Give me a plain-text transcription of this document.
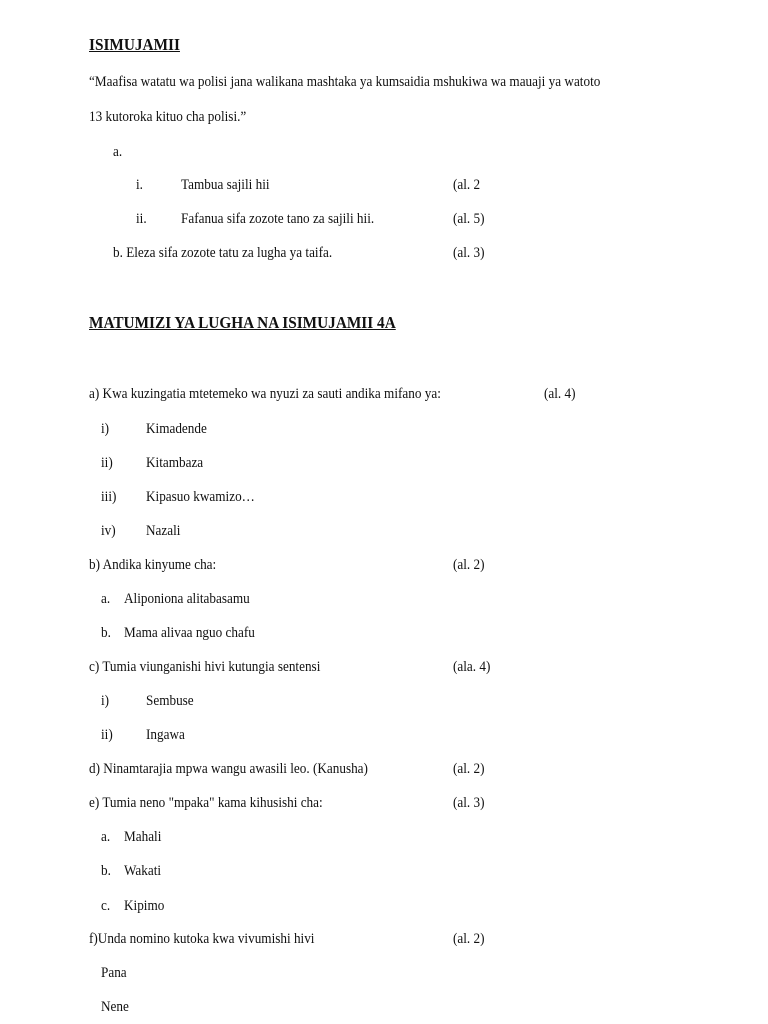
ISIMUJAMII
“Maafisa watatu wa polisi jana walikana mashtaka ya kumsaidia mshukiwa wa mauaji ya watoto
13 kutoroka kituo cha polisi.”
a.
i.	Tambua sajili hii	(al. 2
ii. Fafanua sifa zozote tano za sajili hii.	(al. 5)
b. Eleza sifa zozote tatu za lugha ya taifa.	(al. 3)
MATUMIZI YA LUGHA NA ISIMUJAMII 4A
a) Kwa kuzingatia mtetemeko wa nyuzi za sauti andika mifano ya:	(al. 4)
i) Kimadende
ii) Kitambaza
iii) Kipasuo kwamizo…
iv) Nazali
b) Andika kinyume cha:	(al. 2)
a. Aliponiona alitabasamu
b. Mama alivaa nguo chafu
c) Tumia viunganishi hivi kutungia sentensi	(ala. 4)
i) Sembuse
ii) Ingawa
d) Ninamtarajia mpwa wangu awasili leo. (Kanusha)	(al. 2)
e) Tumia neno "mpaka" kama kihusishi cha:	(al. 3)
a. Mahali
b. Wakati
c. Kipimo
f)Unda nomino kutoka kwa vivumishi hivi	(al. 2)
Pana
Nene
